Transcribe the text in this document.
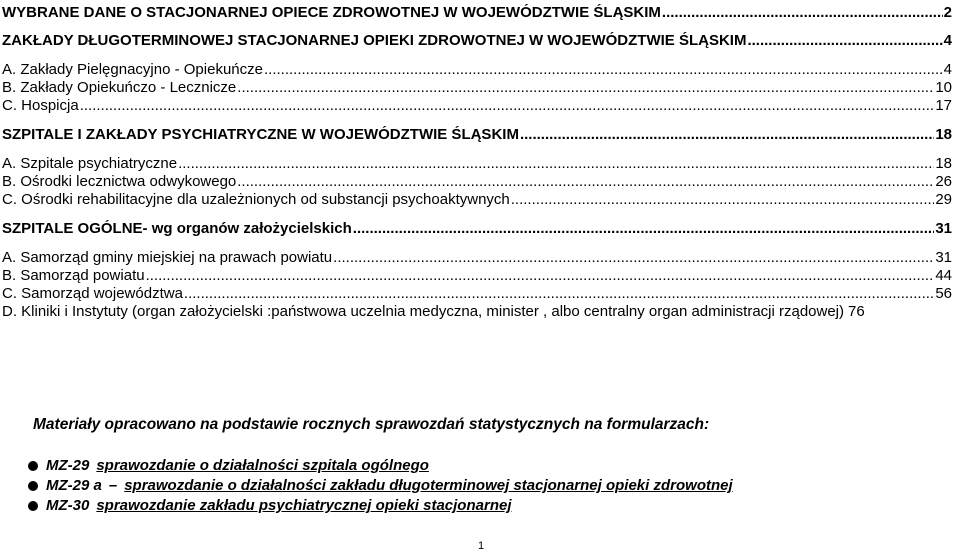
WYBRANE DANE O STACJONARNEJ OPIECE ZDROWOTNEJ W WOJEWÓDZTWIE ŚLĄSKIM .....	2
ZAKŁADY DŁUGOTERMINOWEJ STACJONARNEJ OPIEKI ZDROWOTNEJ W WOJEWÓDZTWIE ŚLĄSKIM .....	4
A. Zakłady Pielęgnacyjno - Opiekuńcze .....	4
B. Zakłady Opiekuńczo - Lecznicze .....	10
C. Hospicja .....	17
SZPITALE I ZAKŁADY PSYCHIATRYCZNE W WOJEWÓDZTWIE ŚLĄSKIM .....	18
A. Szpitale psychiatryczne .....	18
B. Ośrodki lecznictwa odwykowego .....	26
C. Ośrodki rehabilitacyjne dla uzależnionych od substancji psychoaktywnych .....	29
SZPITALE OGÓLNE- wg organów założycielskich .....	31
A. Samorząd gminy miejskiej na prawach powiatu .....	31
B. Samorząd powiatu .....	44
C. Samorząd województwa .....	56
D. Kliniki i Instytuty (organ założycielski :państwowa uczelnia medyczna, minister , albo centralny organ administracji rządowej) 76
Materiały opracowano na podstawie rocznych sprawozdań statystycznych na formularzach:
MZ-29 sprawozdanie o działalności szpitala ogólnego
MZ-29 a – sprawozdanie o działalności zakładu długoterminowej stacjonarnej opieki zdrowotnej
MZ-30 sprawozdanie zakładu psychiatrycznej opieki stacjonarnej
1
